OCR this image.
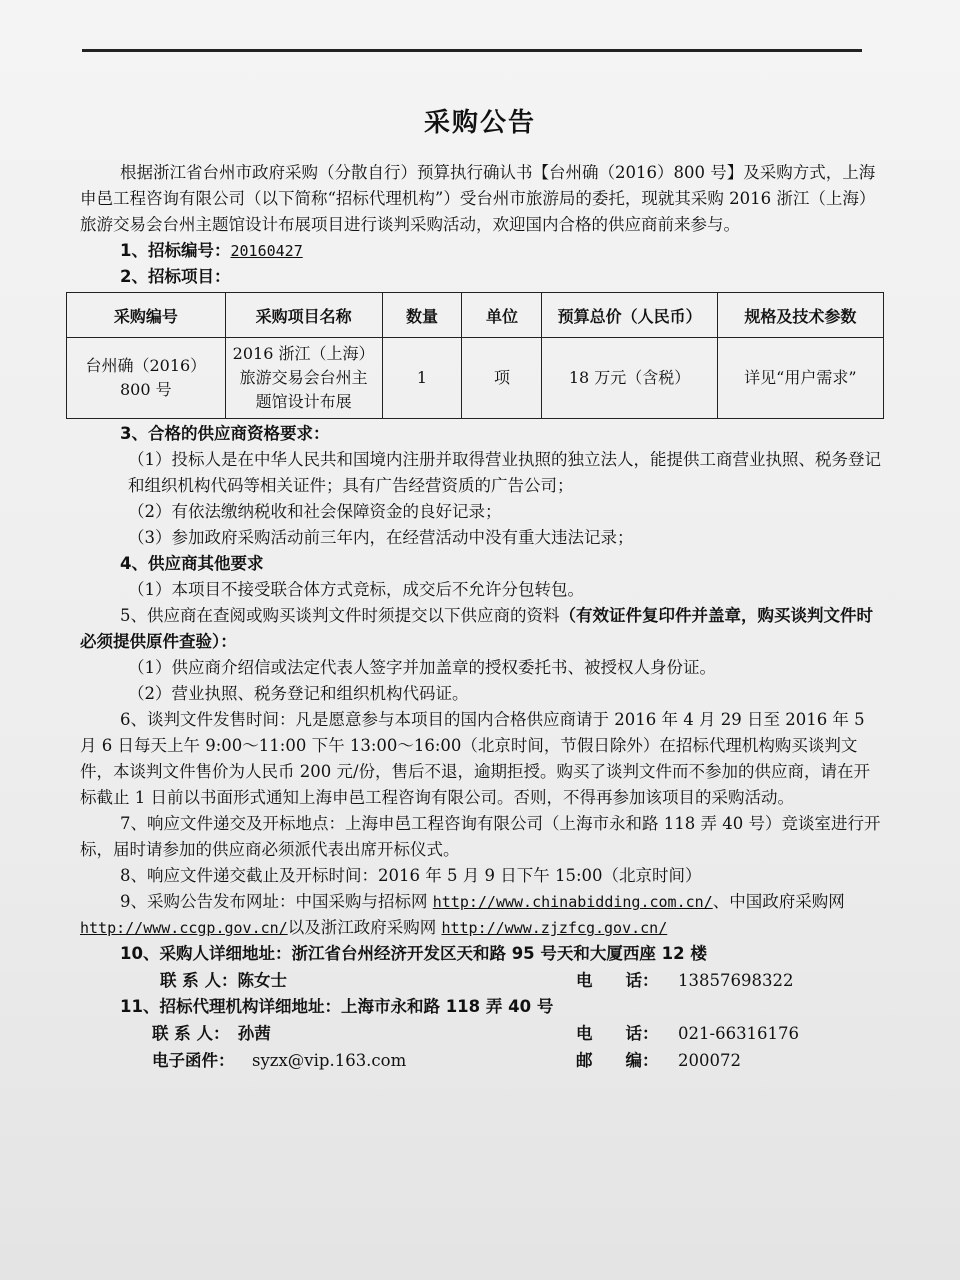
采购公告

根据浙江省台州市政府采购（分散自行）预算执行确认书【台州确（2016）800 号】及采购方式，上海申邑工程咨询有限公司（以下简称“招标代理机构”）受台州市旅游局的委托，现就其采购 2016 浙江（上海）旅游交易会台州主题馆设计布展项目进行谈判采购活动，欢迎国内合格的供应商前来参与。

1、招标编号：20160427

2、招标项目：

采购编号	采购项目名称	数量	单位	预算总价（人民币）	规格及技术参数
台州确（2016）800 号	2016 浙江（上海）旅游交易会台州主题馆设计布展	1	项	18 万元（含税）	详见“用户需求”

3、合格的供应商资格要求：

（1）投标人是在中华人民共和国境内注册并取得营业执照的独立法人，能提供工商营业执照、税务登记和组织机构代码等相关证件；具有广告经营资质的广告公司；

（2）有依法缴纳税收和社会保障资金的良好记录；

（3）参加政府采购活动前三年内，在经营活动中没有重大违法记录；

4、供应商其他要求

（1）本项目不接受联合体方式竞标，成交后不允许分包转包。

5、供应商在查阅或购买谈判文件时须提交以下供应商的资料（有效证件复印件并盖章，购买谈判文件时必须提供原件查验）：

（1）供应商介绍信或法定代表人签字并加盖章的授权委托书、被授权人身份证。

（2）营业执照、税务登记和组织机构代码证。

6、谈判文件发售时间：凡是愿意参与本项目的国内合格供应商请于 2016 年 4 月 29 日至 2016 年 5 月 6 日每天上午 9:00～11:00 下午 13:00～16:00（北京时间，节假日除外）在招标代理机构购买谈判文件，本谈判文件售价为人民币 200 元/份，售后不退，逾期拒授。购买了谈判文件而不参加的供应商，请在开标截止 1 日前以书面形式通知上海申邑工程咨询有限公司。否则，不得再参加该项目的采购活动。

7、响应文件递交及开标地点：上海申邑工程咨询有限公司（上海市永和路 118 弄 40 号）竞谈室进行开标，届时请参加的供应商必须派代表出席开标仪式。

8、响应文件递交截止及开标时间：2016 年 5 月 9 日下午 15:00（北京时间）

9、采购公告发布网址：中国采购与招标网 http://www.chinabidding.com.cn/、中国政府采购网 http://www.ccgp.gov.cn/以及浙江政府采购网 http://www.zjzfcg.gov.cn/

10、采购人详细地址：浙江省台州经济开发区天和路 95 号天和大厦西座 12 楼

联 系 人：陈女士	电　　话： 13857698322

11、招标代理机构详细地址：上海市永和路 118 弄 40 号

联 系 人：　孙茜	电　　话： 021-66316176
电子函件： syzx@vip.163.com	邮　　编： 200072
